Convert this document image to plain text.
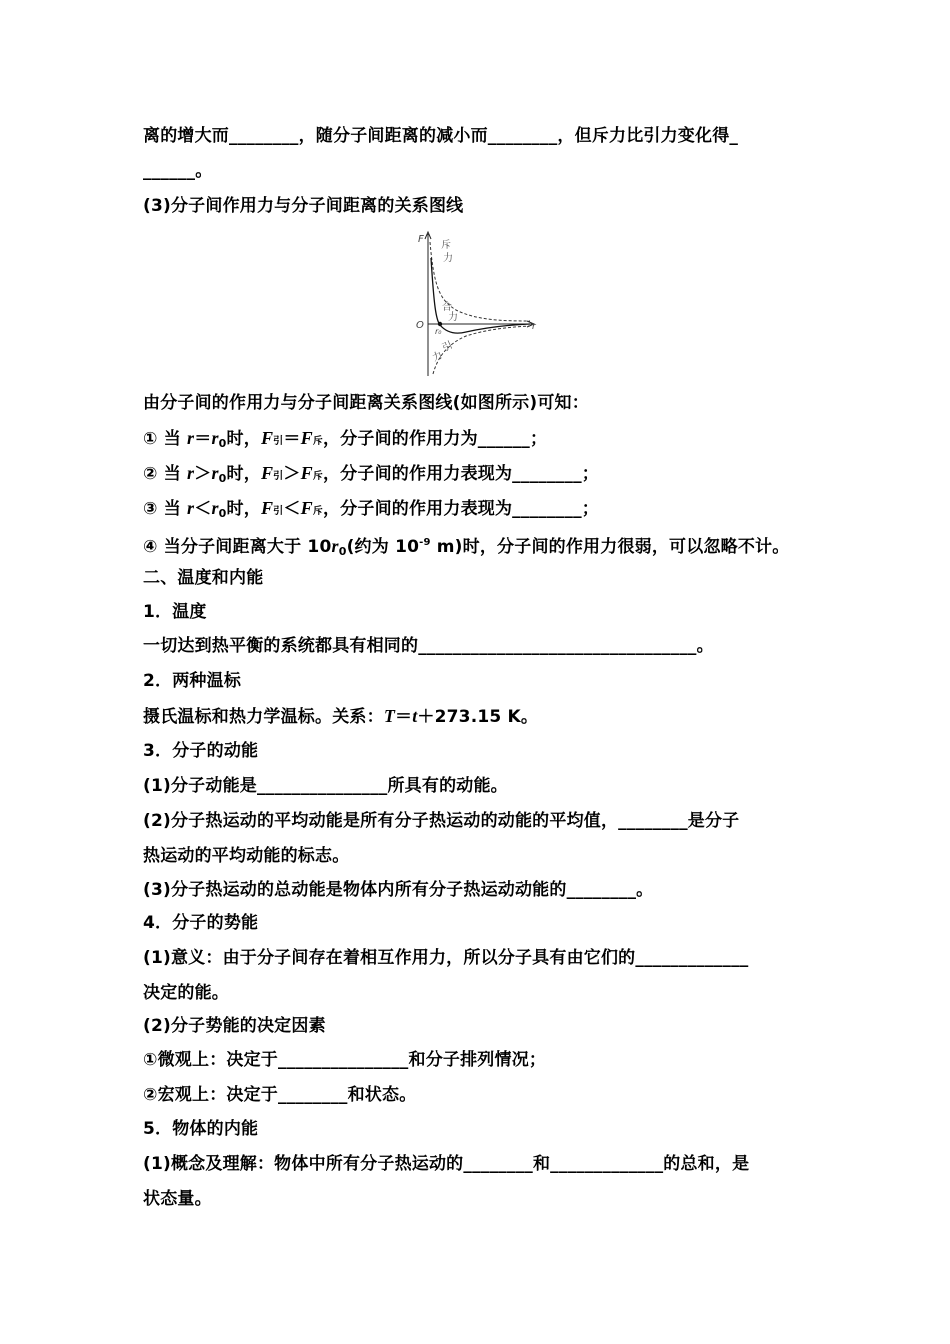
离的增大而________，随分子间距离的减小而________，但斥力比引力变化得_
______。
(3)分子间作用力与分子间距离的关系图线
F
r
O
r₀
斥
力
合
力
引
力
由分子间的作用力与分子间距离关系图线(如图所示)可知：
① 当 $r=r_0$时，F引＝F斥，分子间的作用力为______；
② 当 $r>r_0$时，F引＞F斥，分子间的作用力表现为________；
③ 当 $r<r_0$时，F引＜F斥，分子间的作用力表现为________；
④ 当分子间距离大于 $10r_0$(约为 $10^{-9}$ m)时，分子间的作用力很弱，可以忽略不计。
二、温度和内能
1．温度
一切达到热平衡的系统都具有相同的________________________________。
2．两种温标
摄氏温标和热力学温标。关系：T＝t＋273.15 K。
3．分子的动能
(1)分子动能是_______________所具有的动能。
(2)分子热运动的平均动能是所有分子热运动的动能的平均值，________是分子
热运动的平均动能的标志。
(3)分子热运动的总动能是物体内所有分子热运动动能的________。
4．分子的势能
(1)意义：由于分子间存在着相互作用力，所以分子具有由它们的_____________
决定的能。
(2)分子势能的决定因素
①微观上：决定于_______________和分子排列情况；
②宏观上：决定于________和状态。
5．物体的内能
(1)概念及理解：物体中所有分子热运动的________和_____________的总和，是
状态量。
